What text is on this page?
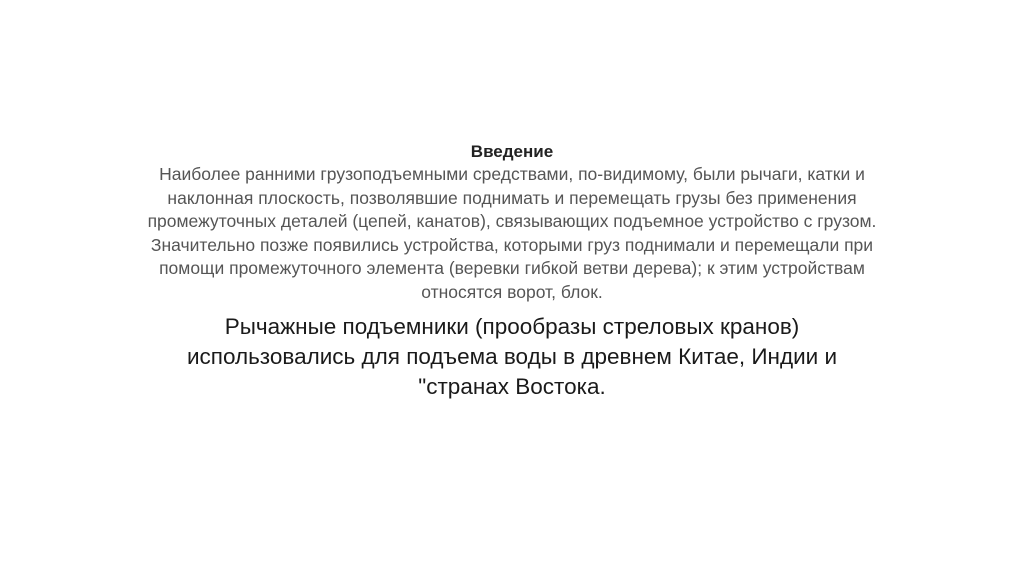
Введение

Наиболее ранними грузоподъемными средствами, по-видимому, были рычаги, катки и наклонная плоскость, позволявшие поднимать и перемещать грузы без применения промежуточных деталей (цепей, канатов), связывающих подъемное устройство с грузом. Значительно позже появились устройства, которыми груз поднимали и перемещали при помощи промежуточного элемента (веревки гибкой ветви дерева); к этим устройствам относятся ворот, блок.

Рычажные подъемники (прообразы стреловых кранов) использовались для подъема воды в древнем Китае, Индии и "странах Востока.
